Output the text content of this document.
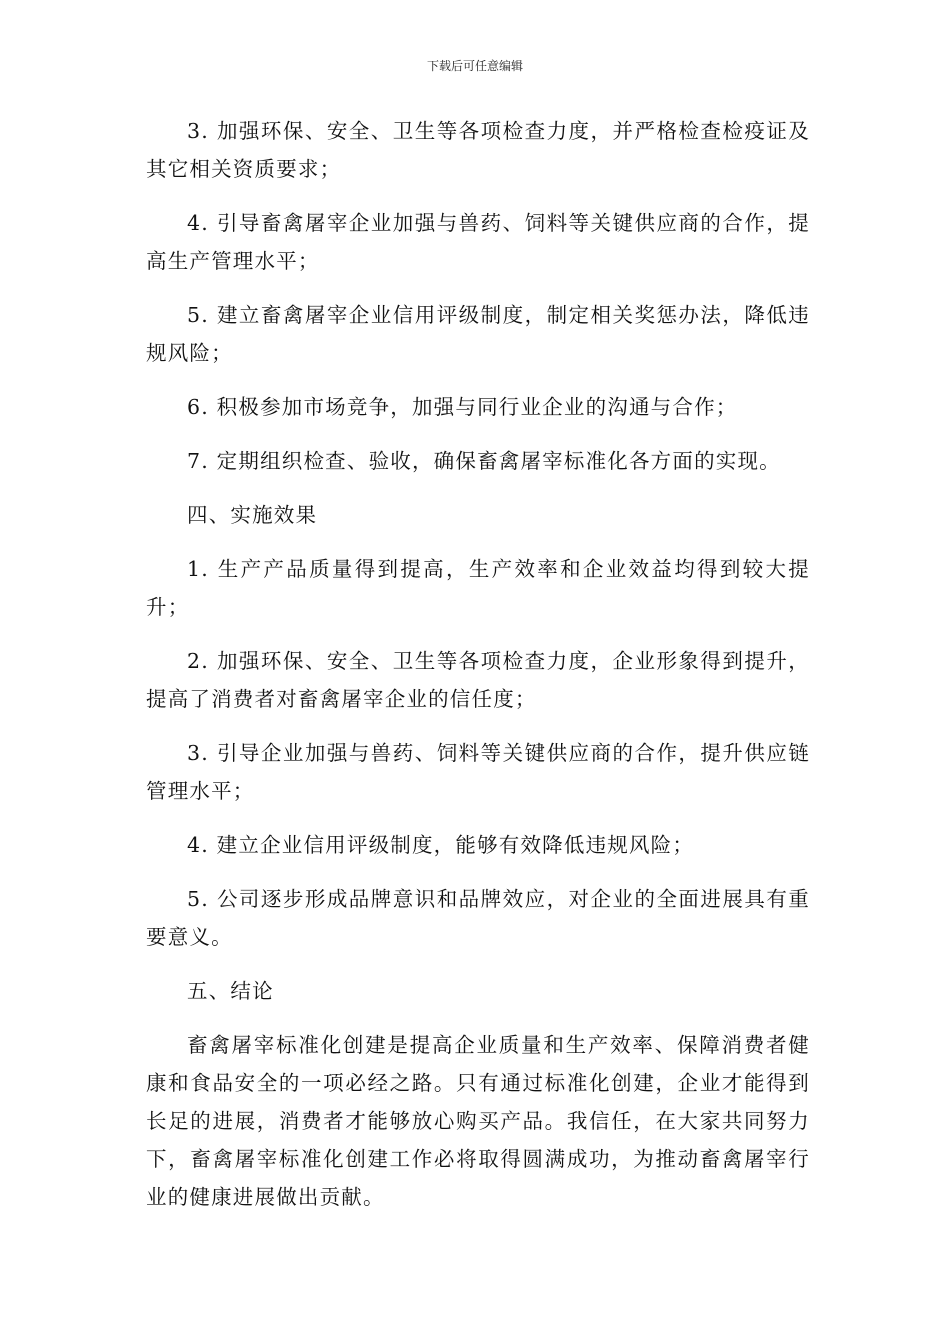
下载后可任意编辑

3. 加强环保、安全、卫生等各项检查力度，并严格检查检疫证及其它相关资质要求；

4. 引导畜禽屠宰企业加强与兽药、饲料等关键供应商的合作，提高生产管理水平；

5. 建立畜禽屠宰企业信用评级制度，制定相关奖惩办法，降低违规风险；

6. 积极参加市场竞争，加强与同行业企业的沟通与合作；

7. 定期组织检查、验收，确保畜禽屠宰标准化各方面的实现。

四、实施效果

1. 生产产品质量得到提高，生产效率和企业效益均得到较大提升；

2. 加强环保、安全、卫生等各项检查力度，企业形象得到提升，提高了消费者对畜禽屠宰企业的信任度；

3. 引导企业加强与兽药、饲料等关键供应商的合作，提升供应链管理水平；

4. 建立企业信用评级制度，能够有效降低违规风险；

5. 公司逐步形成品牌意识和品牌效应，对企业的全面进展具有重要意义。

五、结论

畜禽屠宰标准化创建是提高企业质量和生产效率、保障消费者健康和食品安全的一项必经之路。只有通过标准化创建，企业才能得到长足的进展，消费者才能够放心购买产品。我信任，在大家共同努力下，畜禽屠宰标准化创建工作必将取得圆满成功，为推动畜禽屠宰行业的健康进展做出贡献。
